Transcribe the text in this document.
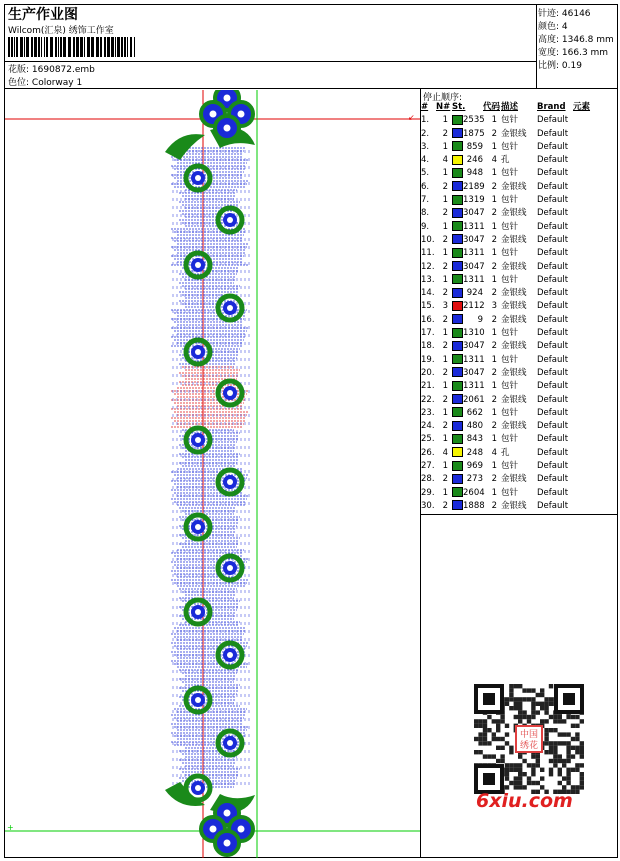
生产作业图
Wilcom(汇泉) 绣饰工作室
花版: 1690872.emb
色位: Colorway 1
针迹: 46146
颜色: 4
高度: 1346.8 mm
宽度: 166.3 mm
比例: 0.19
+
↙
停止顺序:
#	N#	St.	代码	描述	Brand	元素
1.	1	2535	1	包针	Default	
2.	2	1875	2	金银线	Default	
3.	1	859	1	包针	Default	
4.	4	246	4	孔	Default	
5.	1	948	1	包针	Default	
6.	2	2189	2	金银线	Default	
7.	1	1319	1	包针	Default	
8.	2	3047	2	金银线	Default	
9.	1	1311	1	包针	Default	
10.	2	3047	2	金银线	Default	
11.	1	1311	1	包针	Default	
12.	2	3047	2	金银线	Default	
13.	1	1311	1	包针	Default	
14.	2	924	2	金银线	Default	
15.	3	2112	3	金银线	Default	
16.	2	9	2	金银线	Default	
17.	1	1310	1	包针	Default	
18.	2	3047	2	金银线	Default	
19.	1	1311	1	包针	Default	
20.	2	3047	2	金银线	Default	
21.	1	1311	1	包针	Default	
22.	2	2061	2	金银线	Default	
23.	1	662	1	包针	Default	
24.	2	480	2	金银线	Default	
25.	1	843	1	包针	Default	
26.	4	248	4	孔	Default	
27.	1	969	1	包针	Default	
28.	2	273	2	金银线	Default	
29.	1	2604	1	包针	Default	
30.	2	1888	2	金银线	Default	
中国
绣花
6xiu.com
